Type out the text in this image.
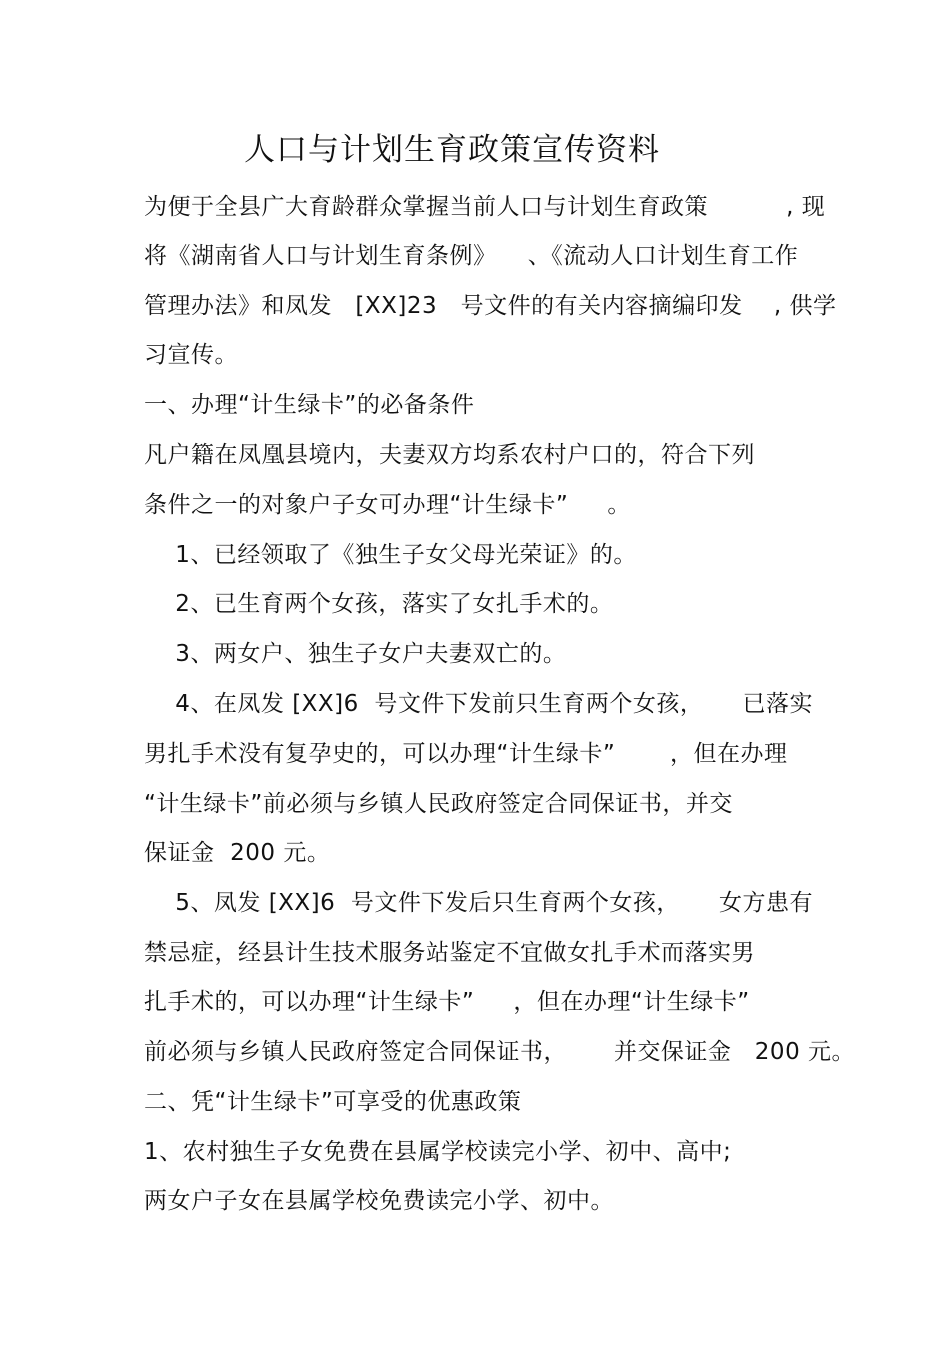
人口与计划生育政策宣传资料
为便于全县广大育龄群众掌握当前人口与计划生育政策          , 现
将《湖南省人口与计划生育条例》    、《流动人口计划生育工作
管理办法》和凤发   [XX]23   号文件的有关内容摘编印发    , 供学
习宣传。
一、办理“计生绿卡”的必备条件
凡户籍在凤凰县境内，夫妻双方均系农村户口的，符合下列
条件之一的对象户子女可办理“计生绿卡”     。
1、已经领取了《独生子女父母光荣证》的。
2、已生育两个女孩，落实了女扎手术的。
3、两女户、独生子女户夫妻双亡的。
4、在凤发 [XX]6  号文件下发前只生育两个女孩，     已落实
男扎手术没有复孕史的，可以办理“计生绿卡”       ，但在办理
“计生绿卡”前必须与乡镇人民政府签定合同保证书，并交
保证金  200 元。
5、凤发 [XX]6  号文件下发后只生育两个女孩，     女方患有
禁忌症，经县计生技术服务站鉴定不宜做女扎手术而落实男
扎手术的，可以办理“计生绿卡”     ，但在办理“计生绿卡”
前必须与乡镇人民政府签定合同保证书，      并交保证金   200 元。
二、凭“计生绿卡”可享受的优惠政策
1、农村独生子女免费在县属学校读完小学、初中、高中;
两女户子女在县属学校免费读完小学、初中。
